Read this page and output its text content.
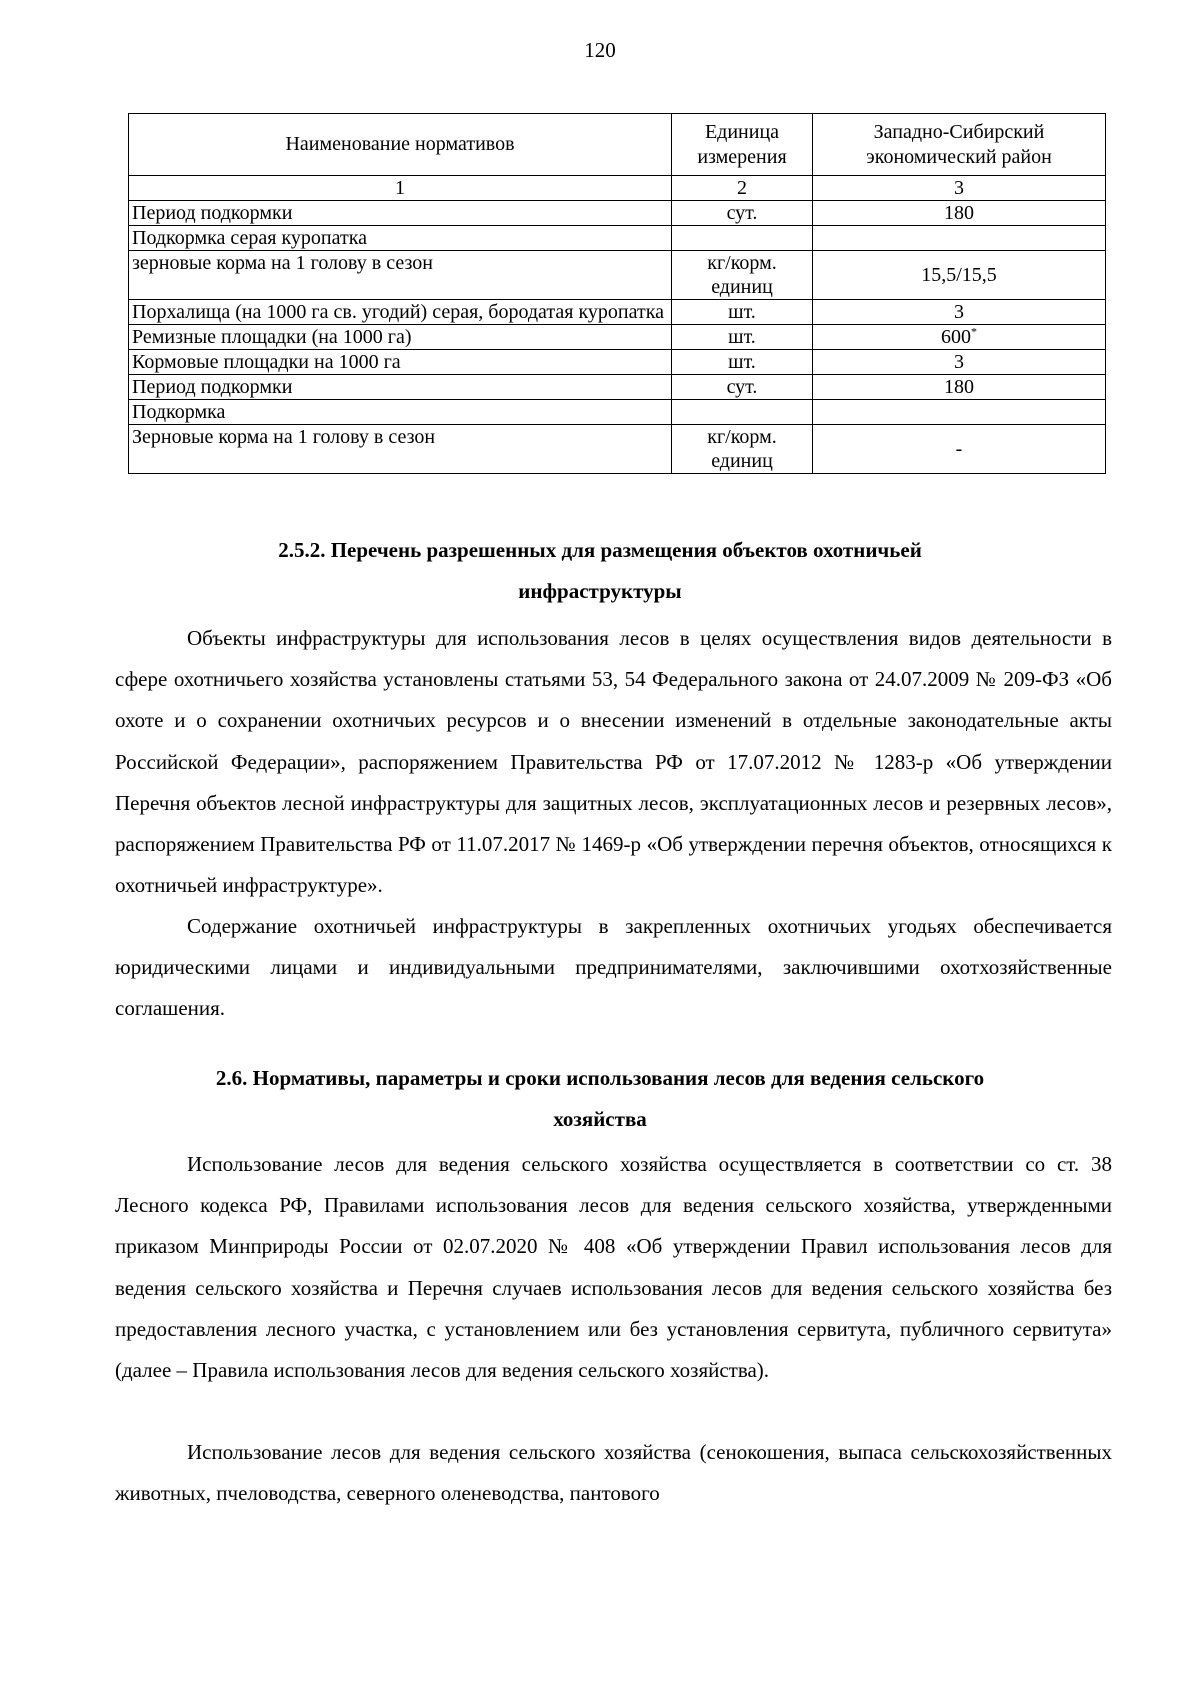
120
Наименование нормативов	Единица измерения	Западно-Сибирский экономический район
1	2	3
Период подкормки	сут.	180
Подкормка серая куропатка		
зерновые корма на 1 голову в сезон	кг/корм. единиц	15,5/15,5
Порхалища (на 1000 га св. угодий) серая, бородатая куропатка	шт.	3
Ремизные площадки (на 1000 га)	шт.	600*
Кормовые площадки на 1000 га	шт.	3
Период подкормки	сут.	180
Подкормка		
Зерновые корма на 1 голову в сезон	кг/корм. единиц	-
2.5.2. Перечень разрешенных для размещения объектов охотничьей
инфраструктуры

Объекты инфраструктуры для использования лесов в целях осуществления видов деятельности в сфере охотничьего хозяйства установлены статьями 53, 54 Федерального закона от 24.07.2009 № 209-ФЗ «Об охоте и о сохранении охотничьих ресурсов и о внесении изменений в отдельные законодательные акты Российской Федерации», распоряжением Правительства РФ от 17.07.2012 № 1283-р «Об утверждении Перечня объектов лесной инфраструктуры для защитных лесов, эксплуатационных лесов и резервных лесов», распоряжением Правительства РФ от 11.07.2017 № 1469-р «Об утверждении перечня объектов, относящихся к охотничьей инфраструктуре».

Содержание охотничьей инфраструктуры в закрепленных охотничьих угодьях обеспечивается юридическими лицами и индивидуальными предпринимателями, заключившими охотхозяйственные соглашения.

2.6. Нормативы, параметры и сроки использования лесов для ведения сельского
хозяйства

Использование лесов для ведения сельского хозяйства осуществляется в соответствии со ст. 38 Лесного кодекса РФ, Правилами использования лесов для ведения сельского хозяйства, утвержденными приказом Минприроды России от 02.07.2020 № 408 «Об утверждении Правил использования лесов для ведения сельского хозяйства и Перечня случаев использования лесов для ведения сельского хозяйства без предоставления лесного участка, с установлением или без установления сервитута, публичного сервитута» (далее – Правила использования лесов для ведения сельского хозяйства).

Использование лесов для ведения сельского хозяйства (сенокошения, выпаса сельскохозяйственных животных, пчеловодства, северного оленеводства, пантового
